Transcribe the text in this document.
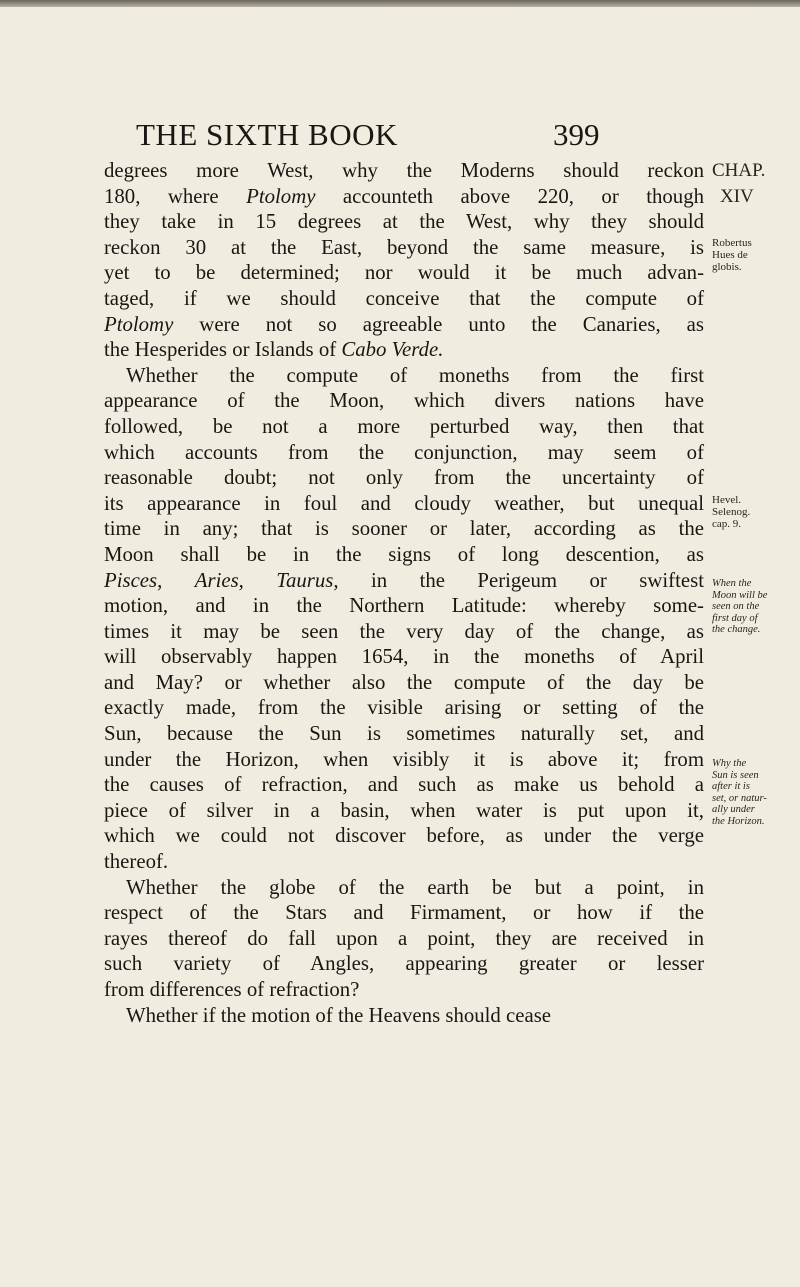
THE SIXTH BOOK	399
degrees more West, why the Moderns should reckon
180, where Ptolomy accounteth above 220, or though
they take in 15 degrees at the West, why they should
reckon 30 at the East, beyond the same measure, is
yet to be determined; nor would it be much advan-
taged, if we should conceive that the compute of
Ptolomy were not so agreeable unto the Canaries, as
the Hesperides or Islands of Cabo Verde.
Whether the compute of moneths from the first
appearance of the Moon, which divers nations have
followed, be not a more perturbed way, then that
which accounts from the conjunction, may seem of
reasonable doubt; not only from the uncertainty of
its appearance in foul and cloudy weather, but unequal
time in any; that is sooner or later, according as the
Moon shall be in the signs of long descention, as
Pisces, Aries, Taurus, in the Perigeum or swiftest
motion, and in the Northern Latitude: whereby some-
times it may be seen the very day of the change, as
will observably happen 1654, in the moneths of April
and May? or whether also the compute of the day be
exactly made, from the visible arising or setting of the
Sun, because the Sun is sometimes naturally set, and
under the Horizon, when visibly it is above it; from
the causes of refraction, and such as make us behold a
piece of silver in a basin, when water is put upon it,
which we could not discover before, as under the verge
thereof.
Whether the globe of the earth be but a point, in
respect of the Stars and Firmament, or how if the
rayes thereof do fall upon a point, they are received in
such variety of Angles, appearing greater or lesser
from differences of refraction?
Whether if the motion of the Heavens should cease
CHAP.
XIV
Robertus
Hues de
globis.
Hevel.
Selenog.
cap. 9.
When the
Moon will be
seen on the
first day of
the change.
Why the
Sun is seen
after it is
set, or natur-
ally under
the Horizon.
